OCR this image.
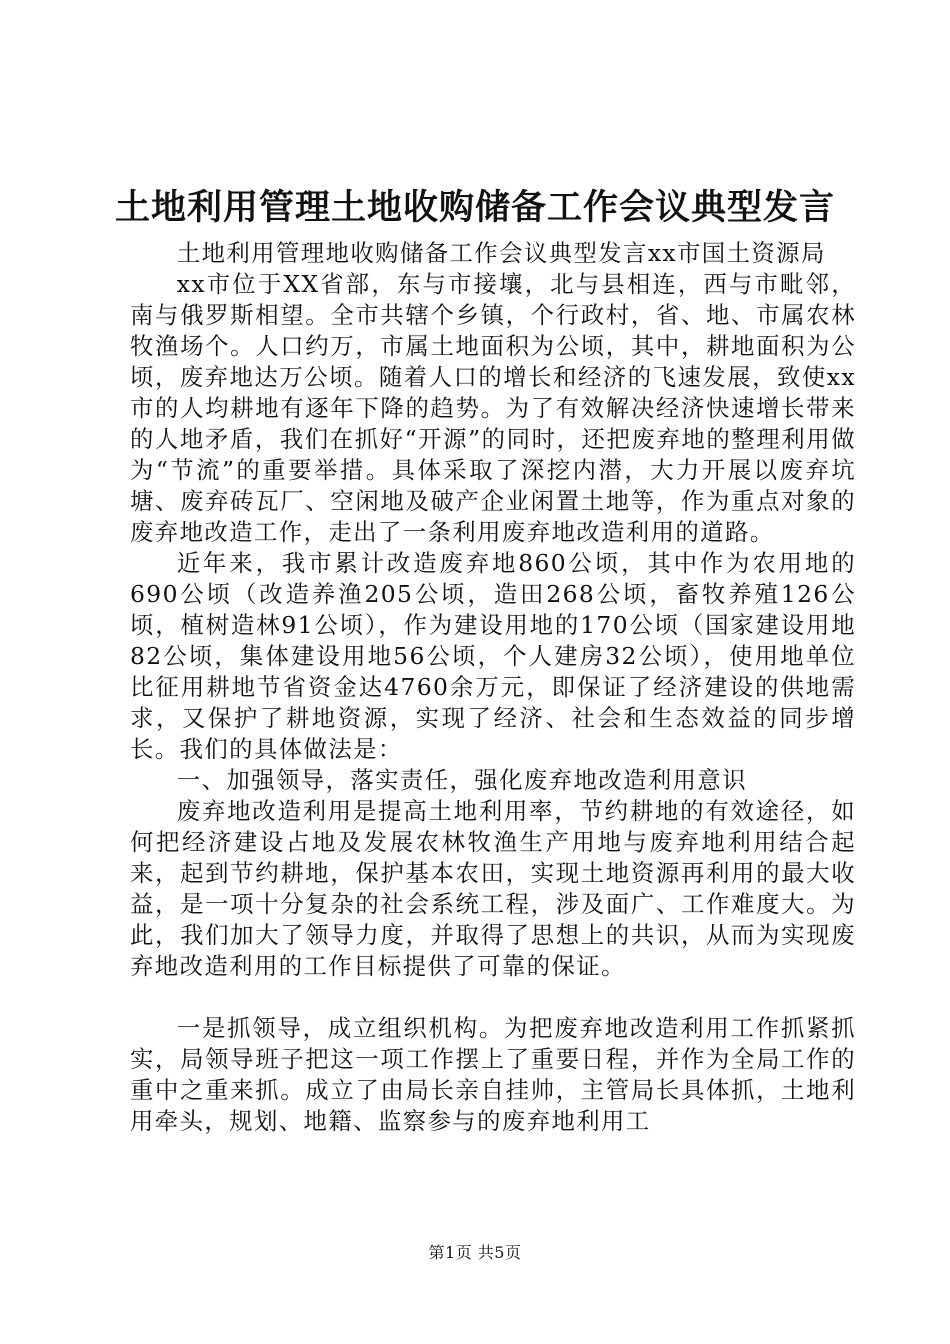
土地利用管理土地收购储备工作会议典型发言

土地利用管理地收购储备工作会议典型发言xx市国土资源局

xx市位于XX省部，东与市接壤，北与县相连，西与市毗邻，南与俄罗斯相望。全市共辖个乡镇，个行政村，省、地、市属农林牧渔场个。人口约万，市属土地面积为公顷，其中，耕地面积为公顷，废弃地达万公顷。随着人口的增长和经济的飞速发展，致使xx市的人均耕地有逐年下降的趋势。为了有效解决经济快速增长带来的人地矛盾，我们在抓好“开源”的同时，还把废弃地的整理利用做为“节流”的重要举措。具体采取了深挖内潜，大力开展以废弃坑塘、废弃砖瓦厂、空闲地及破产企业闲置土地等，作为重点对象的废弃地改造工作，走出了一条利用废弃地改造利用的道路。

近年来，我市累计改造废弃地860公顷，其中作为农用地的690公顷（改造养渔205公顷，造田268公顷，畜牧养殖126公顷，植树造林91公顷），作为建设用地的170公顷（国家建设用地82公顷，集体建设用地56公顷，个人建房32公顷），使用地单位比征用耕地节省资金达4760余万元，即保证了经济建设的供地需求，又保护了耕地资源，实现了经济、社会和生态效益的同步增长。我们的具体做法是：

一、加强领导，落实责任，强化废弃地改造利用意识

废弃地改造利用是提高土地利用率，节约耕地的有效途径，如何把经济建设占地及发展农林牧渔生产用地与废弃地利用结合起来，起到节约耕地，保护基本农田，实现土地资源再利用的最大收益，是一项十分复杂的社会系统工程，涉及面广、工作难度大。为此，我们加大了领导力度，并取得了思想上的共识，从而为实现废弃地改造利用的工作目标提供了可靠的保证。

一是抓领导，成立组织机构。为把废弃地改造利用工作抓紧抓实，局领导班子把这一项工作摆上了重要日程，并作为全局工作的重中之重来抓。成立了由局长亲自挂帅，主管局长具体抓，土地利用牵头，规划、地籍、监察参与的废弃地利用工

第1页 共5页
